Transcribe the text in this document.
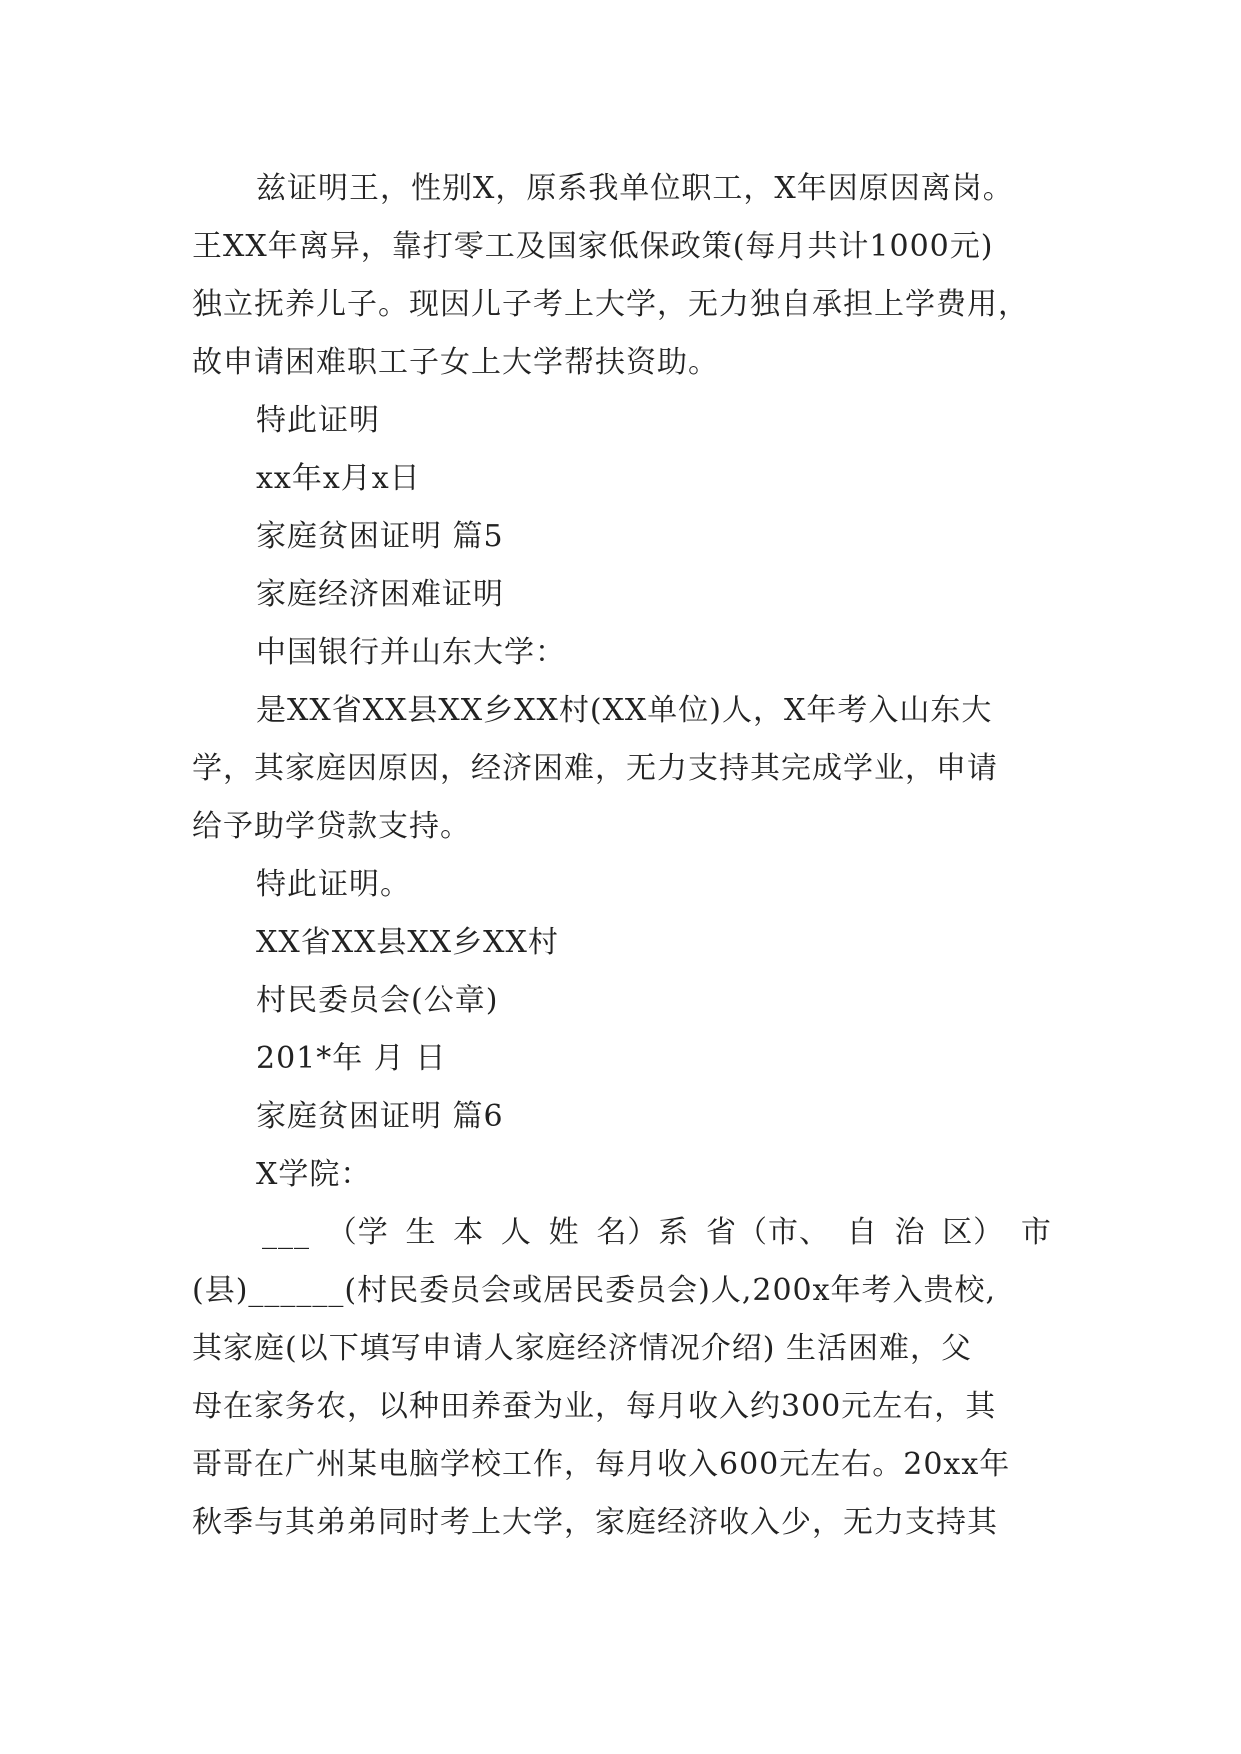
兹证明王，性别X，原系我单位职工，X年因原因离岗。
王XX年离异，靠打零工及国家低保政策(每月共计1000元)
独立抚养儿子。现因儿子考上大学，无力独自承担上学费用，
故申请困难职工子女上大学帮扶资助。
特此证明
xx年x月x日
家庭贫困证明 篇5
家庭经济困难证明
中国银行并山东大学：
是XX省XX县XX乡XX村(XX单位)人，X年考入山东大
学，其家庭因原因，经济困难，无力支持其完成学业，申请
给予助学贷款支持。
特此证明。
XX省XX县XX乡XX村
村民委员会(公章)
201*年 月 日
家庭贫困证明 篇6
X学院：
___ （学 生 本 人 姓 名）系 省（市、 自 治 区） 市
(县)______(村民委员会或居民委员会)人,200x年考入贵校,
其家庭(以下填写申请人家庭经济情况介绍) 生活困难，父
母在家务农，以种田养蚕为业，每月收入约300元左右，其
哥哥在广州某电脑学校工作，每月收入600元左右。20xx年
秋季与其弟弟同时考上大学，家庭经济收入少，无力支持其
